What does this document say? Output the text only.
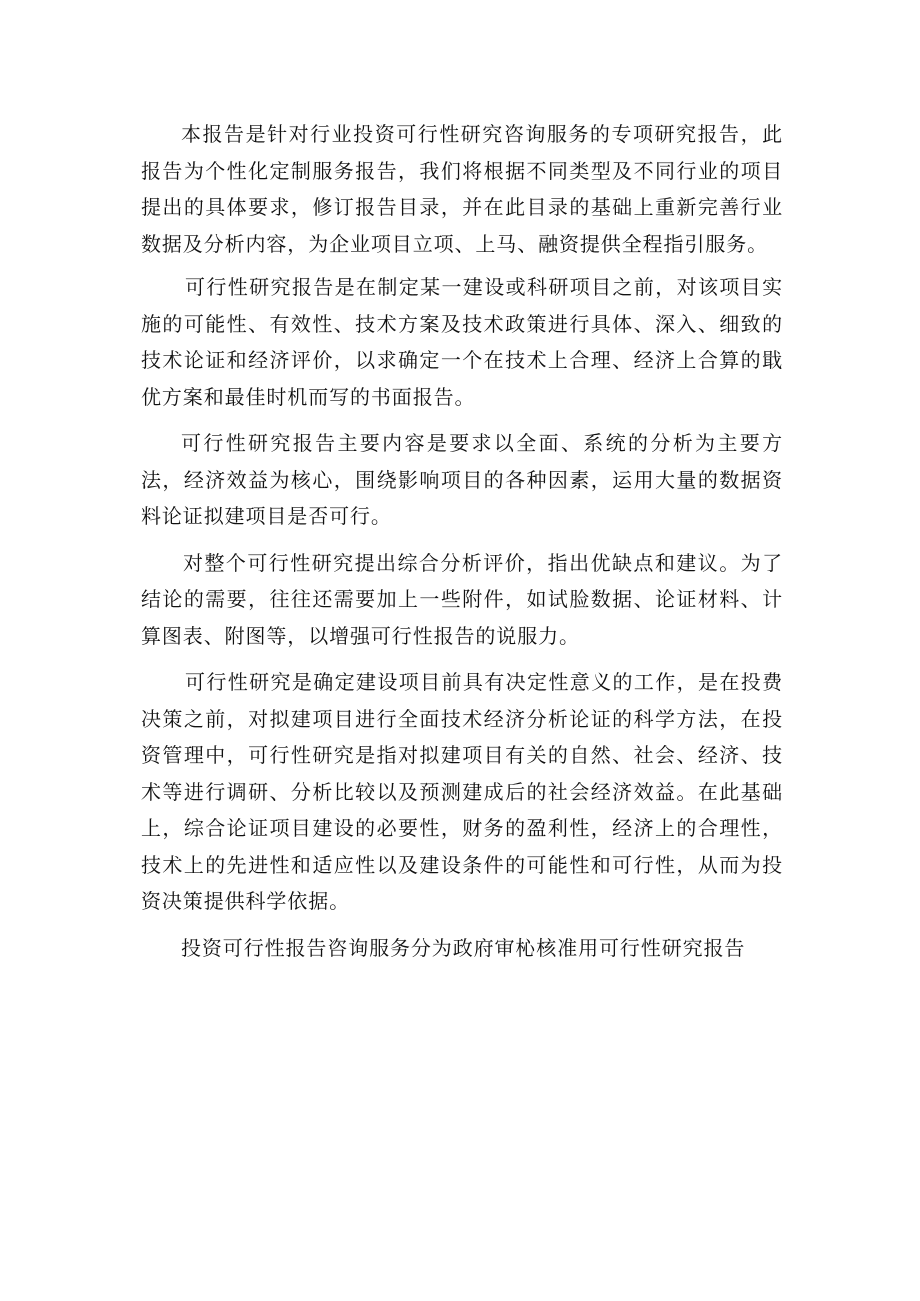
本报告是针对行业投资可行性研究咨询服务的专项研究报告，此报告为个性化定制服务报告，我们将根据不同类型及不同行业的项目提出的具体要求，修订报告目录，并在此目录的基础上重新完善行业数据及分析内容，为企业项目立项、上马、融资提供全程指引服务。

可行性研究报告是在制定某一建设或科研项目之前，对该项目实施的可能性、有效性、技术方案及技术政策进行具体、深入、细致的技术论证和经济评价，以求确定一个在技术上合理、经济上合算的戢优方案和最佳时机而写的书面报告。

可行性研究报告主要内容是要求以全面、系统的分析为主要方法，经济效益为核心，围绕影响项目的各种因素，运用大量的数据资料论证拟建项目是否可行。

对整个可行性研究提出综合分析评价，指出优缺点和建议。为了结论的需要，往往还需要加上一些附件，如试脸数据、论证材料、计算图表、附图等，以增强可行性报告的说服力。

可行性研究是确定建设项目前具有决定性意义的工作，是在投费决策之前，对拟建项目进行全面技术经济分析论证的科学方法，在投资管理中，可行性研究是指对拟建项目有关的自然、社会、经济、技术等进行调研、分析比较以及预测建成后的社会经济效益。在此基础上，综合论证项目建设的必要性，财务的盈利性，经济上的合理性，技术上的先进性和适应性以及建设条件的可能性和可行性，从而为投资决策提供科学依据。

投资可行性报告咨询服务分为政府审杺核准用可行性研究报告
